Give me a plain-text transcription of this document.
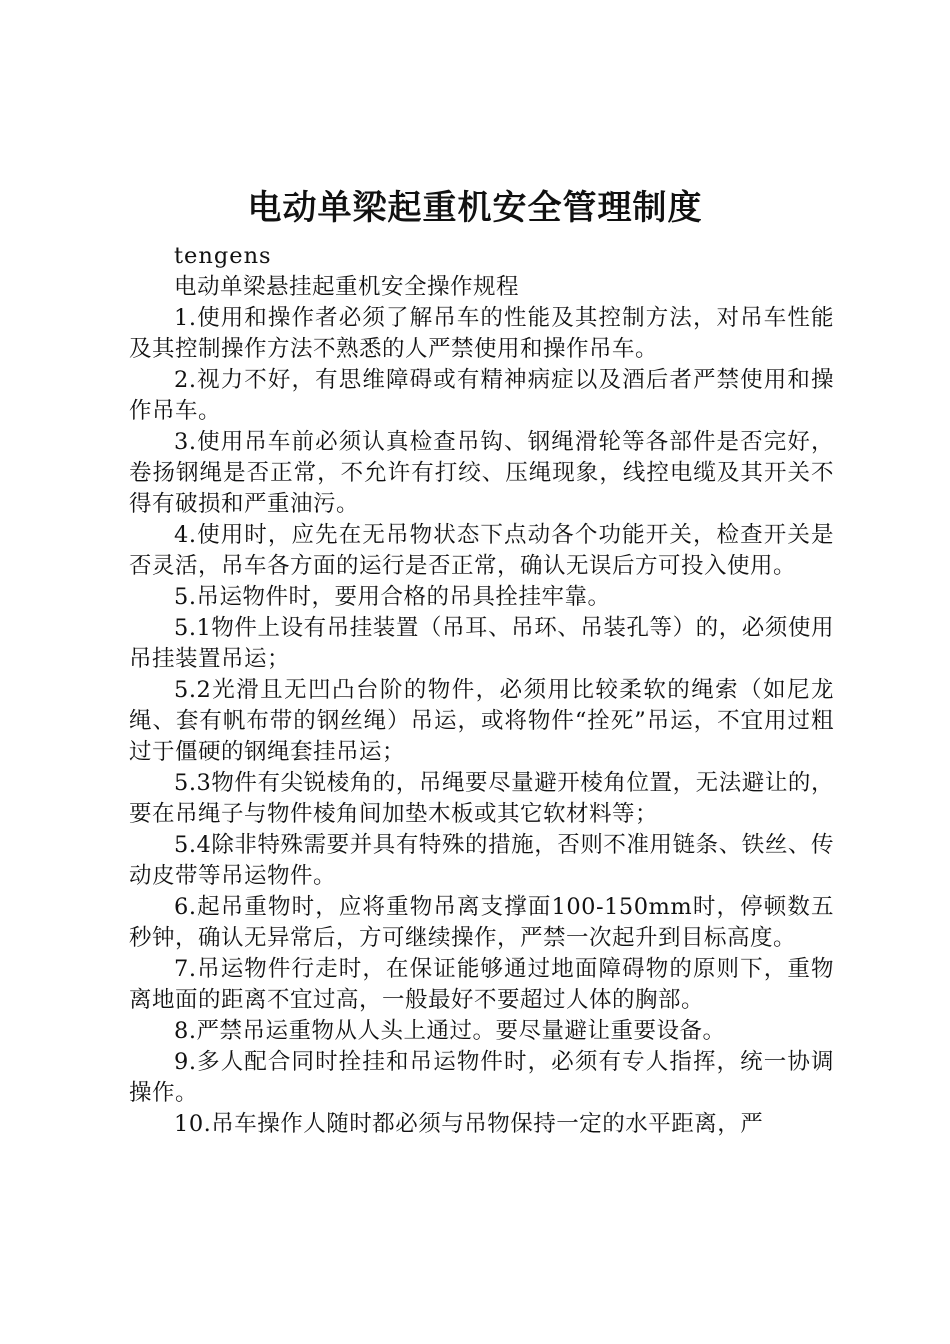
电动单梁起重机安全管理制度

tengens

电动单梁悬挂起重机安全操作规程

1.使用和操作者必须了解吊车的性能及其控制方法，对吊车性能及其控制操作方法不熟悉的人严禁使用和操作吊车。

2.视力不好，有思维障碍或有精神病症以及酒后者严禁使用和操作吊车。

3.使用吊车前必须认真检查吊钩、钢绳滑轮等各部件是否完好，卷扬钢绳是否正常，不允许有打绞、压绳现象，线控电缆及其开关不得有破损和严重油污。

4.使用时，应先在无吊物状态下点动各个功能开关，检查开关是否灵活，吊车各方面的运行是否正常，确认无误后方可投入使用。

5.吊运物件时，要用合格的吊具拴挂牢靠。

5.1物件上设有吊挂装置（吊耳、吊环、吊装孔等）的，必须使用吊挂装置吊运；

5.2光滑且无凹凸台阶的物件，必须用比较柔软的绳索（如尼龙绳、套有帆布带的钢丝绳）吊运，或将物件“拴死”吊运，不宜用过粗过于僵硬的钢绳套挂吊运；

5.3物件有尖锐棱角的，吊绳要尽量避开棱角位置，无法避让的，要在吊绳子与物件棱角间加垫木板或其它软材料等；

5.4除非特殊需要并具有特殊的措施，否则不准用链条、铁丝、传动皮带等吊运物件。

6.起吊重物时，应将重物吊离支撑面100-150mm时，停顿数五秒钟，确认无异常后，方可继续操作，严禁一次起升到目标高度。

7.吊运物件行走时，在保证能够通过地面障碍物的原则下，重物离地面的距离不宜过高，一般最好不要超过人体的胸部。

8.严禁吊运重物从人头上通过。要尽量避让重要设备。

9.多人配合同时拴挂和吊运物件时，必须有专人指挥，统一协调操作。

10.吊车操作人随时都必须与吊物保持一定的水平距离，严
